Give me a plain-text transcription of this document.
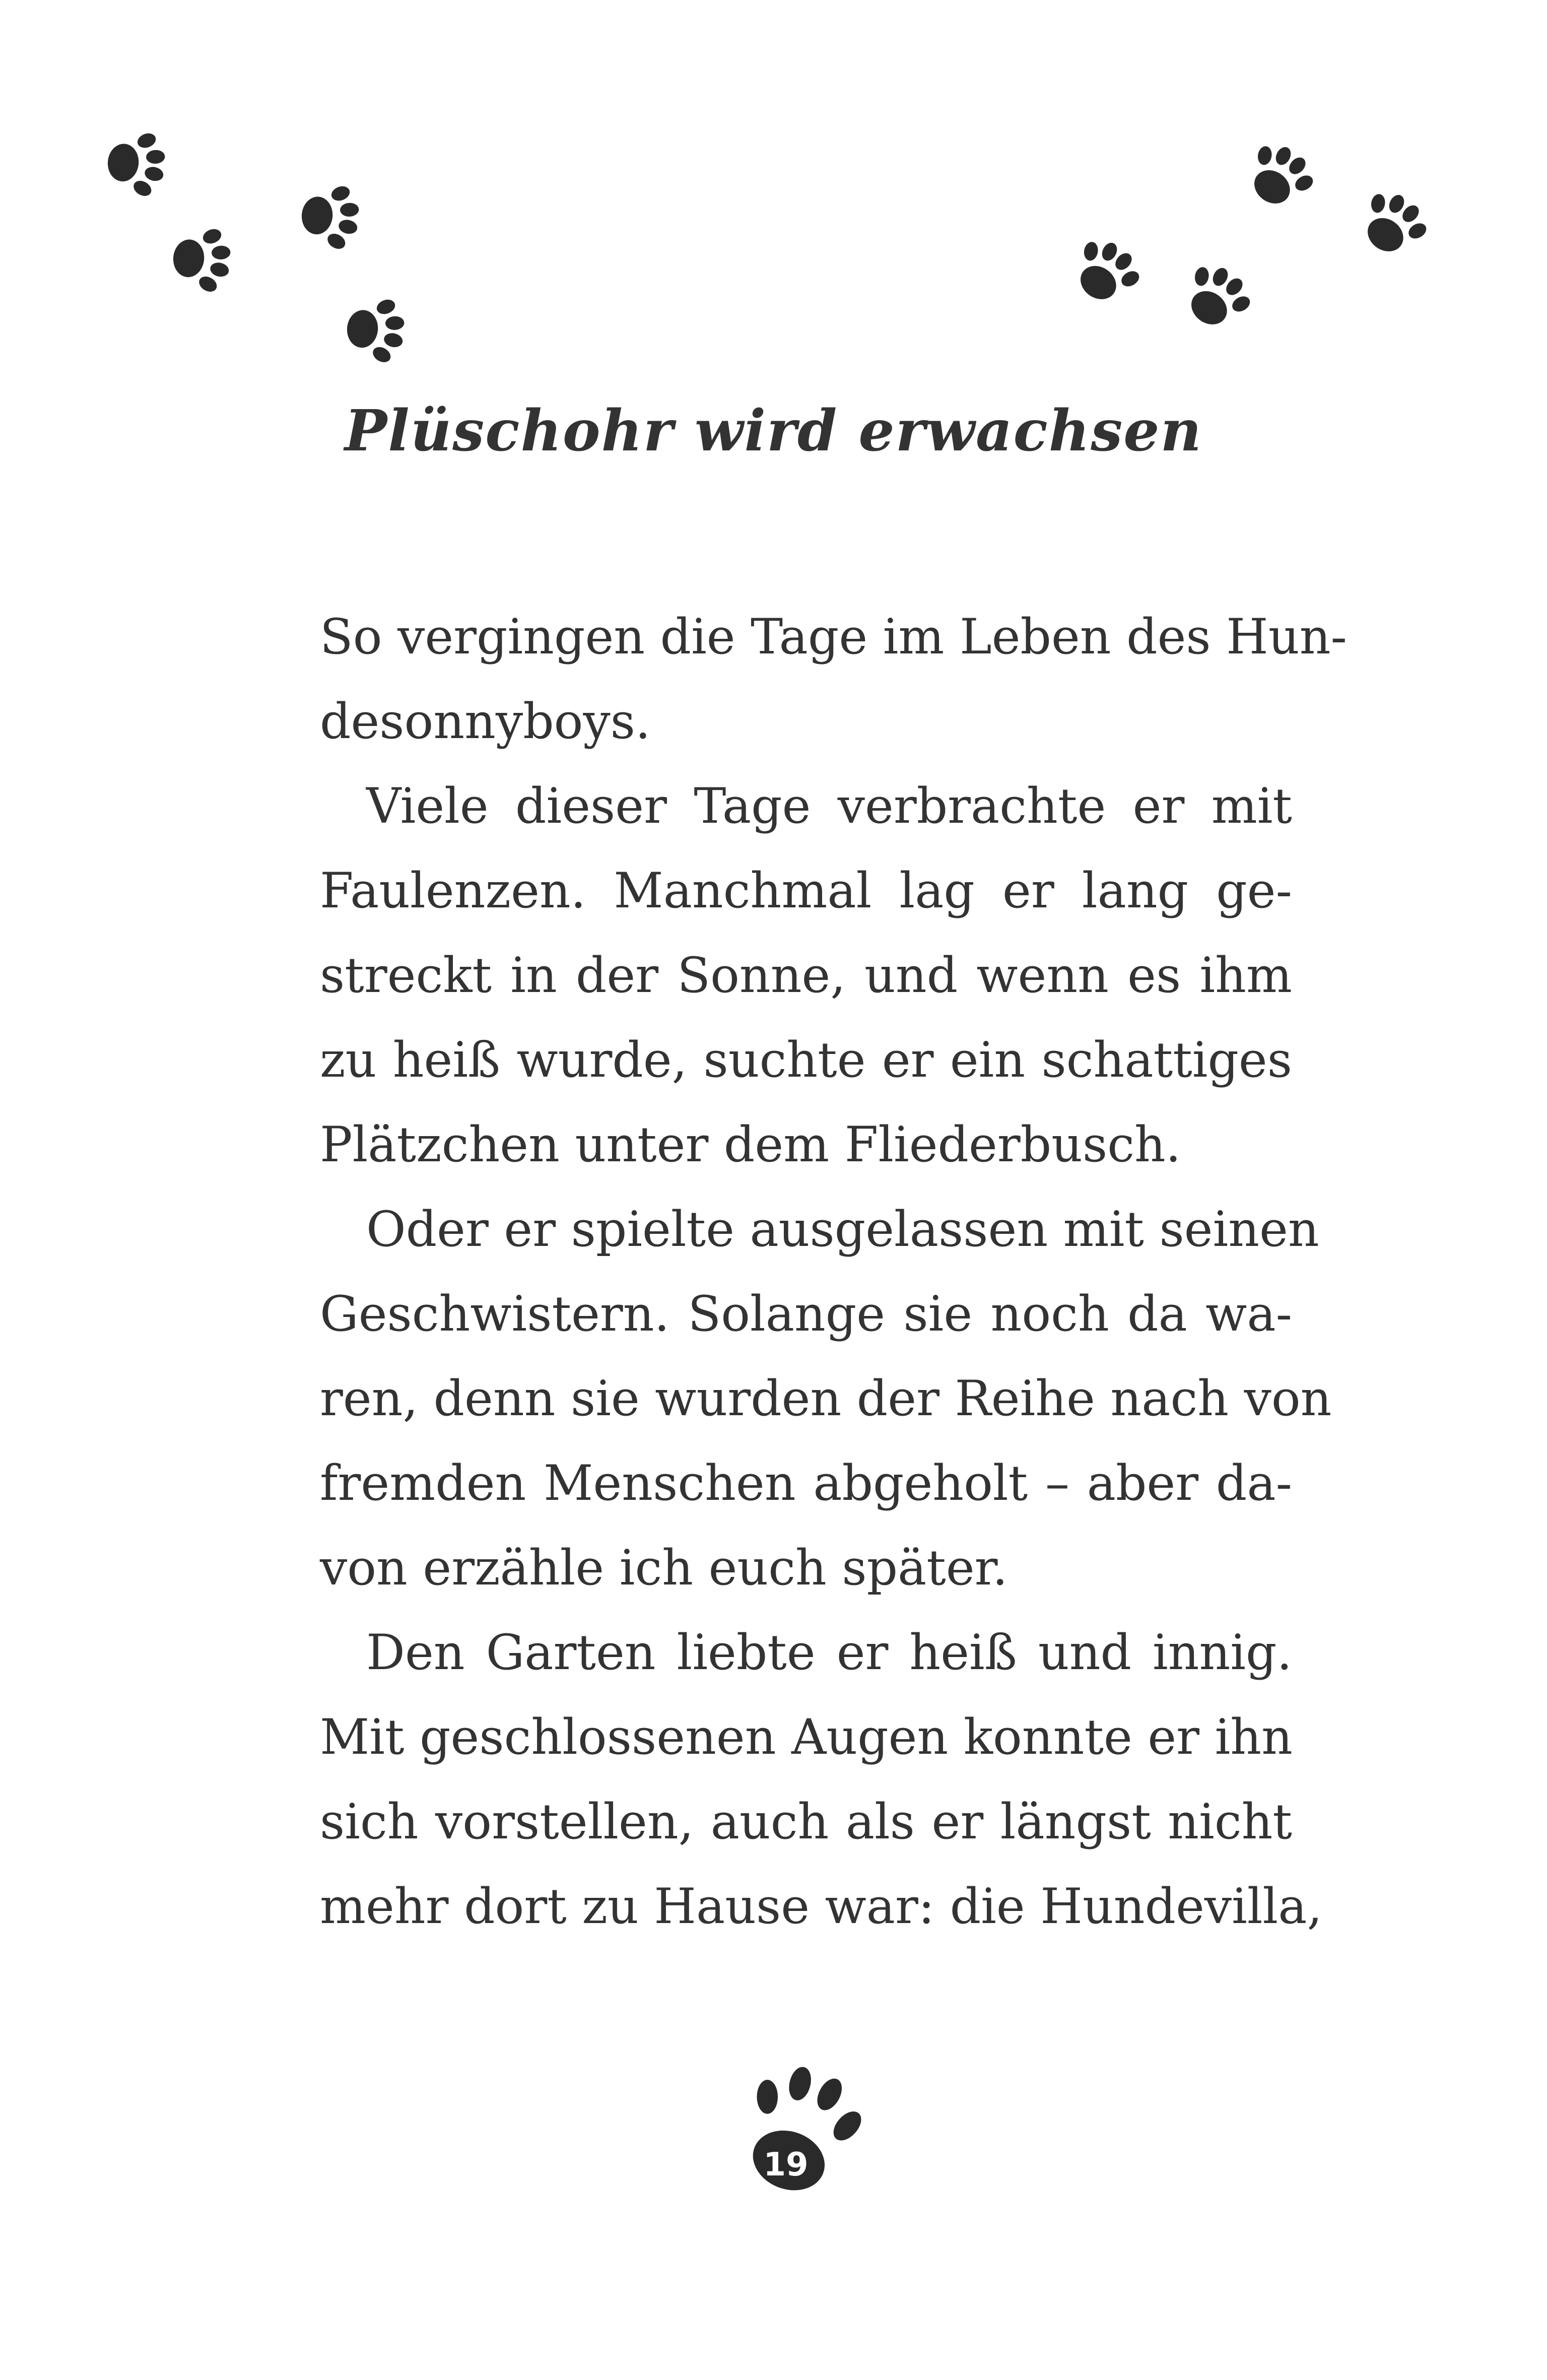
Plüschohr wird erwachsen
So vergingen die Tage im Leben des Hun-
desonnyboys.
Viele dieser Tage verbrachte er mit
Faulenzen. Manchmal lag er lang ge-
streckt in der Sonne, und wenn es ihm
zu heiß wurde, suchte er ein schattiges
Plätzchen unter dem Fliederbusch.
Oder er spielte ausgelassen mit seinen
Geschwistern. Solange sie noch da wa-
ren, denn sie wurden der Reihe nach von
fremden Menschen abgeholt – aber da-
von erzähle ich euch später.
Den Garten liebte er heiß und innig.
Mit geschlossenen Augen konnte er ihn
sich vorstellen, auch als er längst nicht
mehr dort zu Hause war: die Hundevilla,
19
